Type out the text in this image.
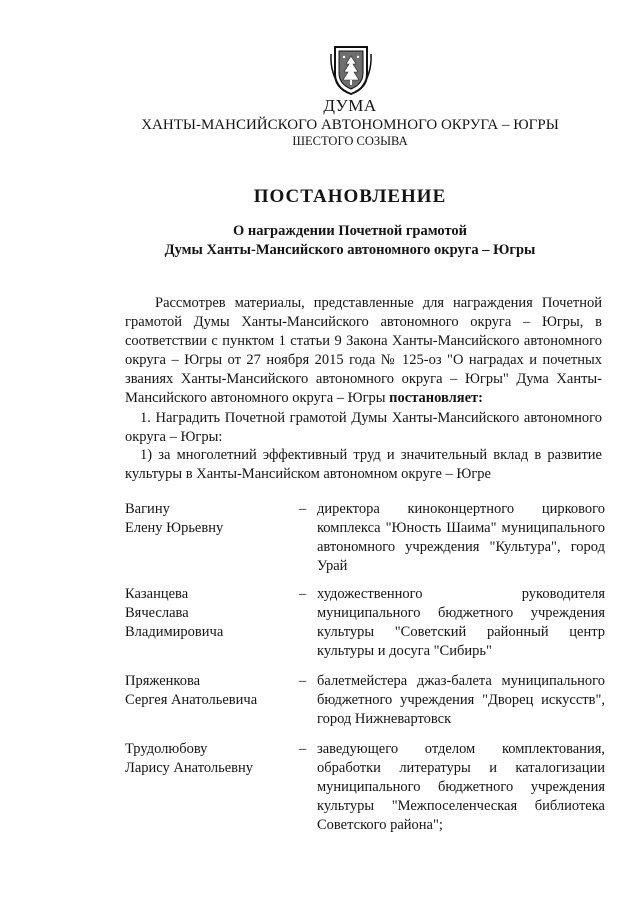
ДУМА
ХАНТЫ-МАНСИЙСКОГО АВТОНОМНОГО ОКРУГА – ЮГРЫ
ШЕСТОГО СОЗЫВА
ПОСТАНОВЛЕНИЕ
О награждении Почетной грамотой
Думы Ханты-Мансийского автономного округа – Югры
Рассмотрев материалы, представленные для награждения Почетной грамотой Думы Ханты-Мансийского автономного округа – Югры, в соответствии с пунктом 1 статьи 9 Закона Ханты-Мансийского автономного округа – Югры от 27 ноября 2015 года № 125-оз "О наградах и почетных званиях Ханты-Мансийского автономного округа – Югры" Дума Ханты-Мансийского автономного округа – Югры постановляет:
1. Наградить Почетной грамотой Думы Ханты-Мансийского автономного округа – Югры:
1) за многолетний эффективный труд и значительный вклад в развитие культуры в Ханты-Мансийском автономном округе – Югре
Вагину
Елену Юрьевну
– директора киноконцертного циркового комплекса "Юность Шаима" муниципального автономного учреждения "Культура", город Урай
Казанцева
Вячеслава Владимировича
– художественного руководителя муниципального бюджетного учреждения культуры "Советский районный центр культуры и досуга "Сибирь"
Пряженкова
Сергея Анатольевича
– балетмейстера джаз-балета муниципального бюджетного учреждения "Дворец искусств", город Нижневартовск
Трудолюбову
Ларису Анатольевну
– заведующего отделом комплектования, обработки литературы и каталогизации муниципального бюджетного учреждения культуры "Межпоселенческая библиотека Советского района";
